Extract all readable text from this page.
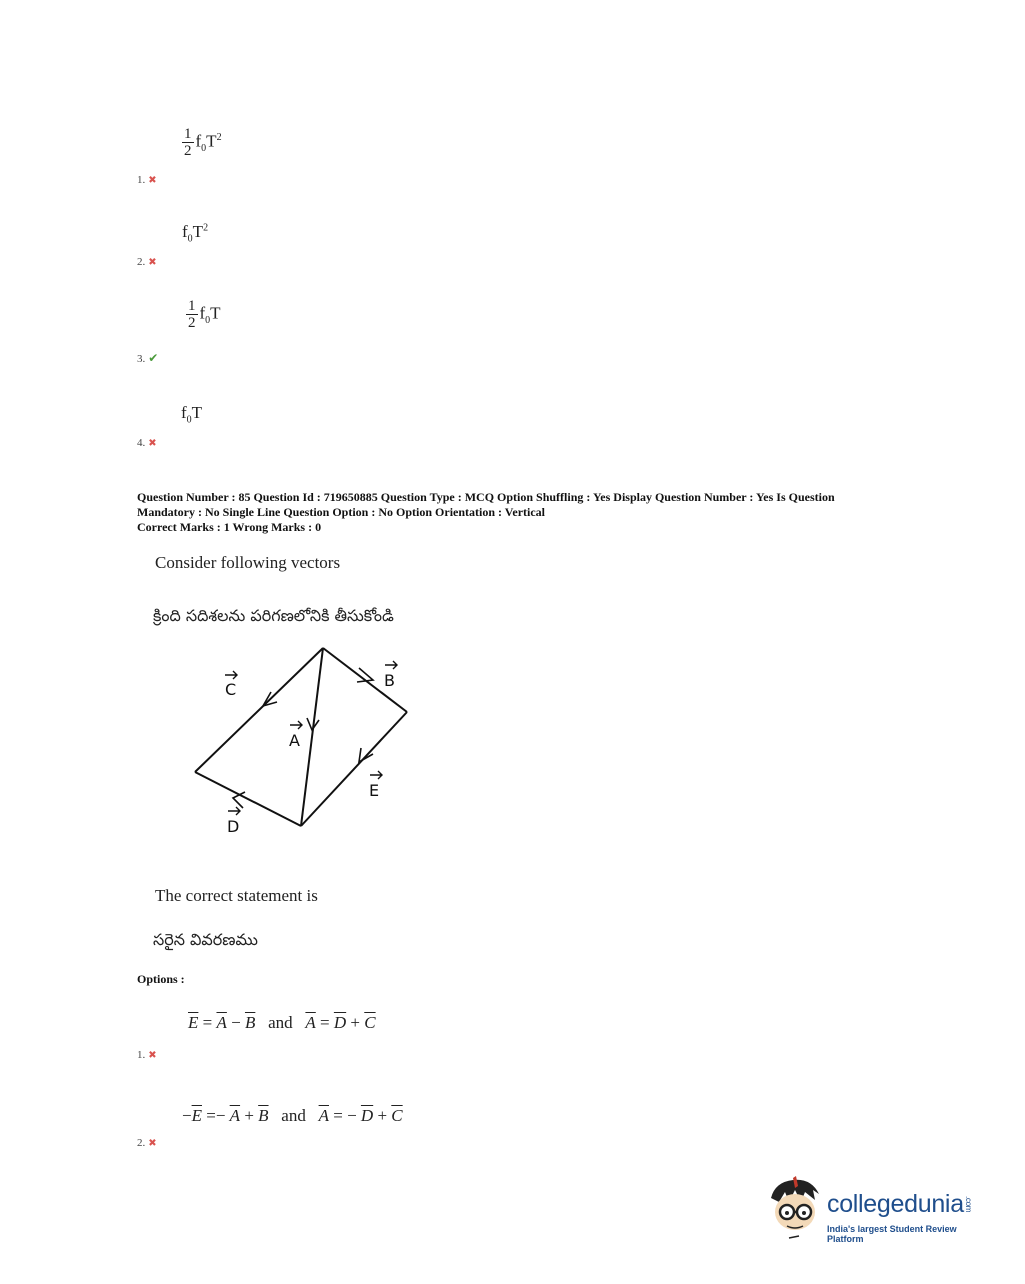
$\frac{1}{2} f_0T^2$
1. ✖
$f_0T^2$
2. ✖
$\frac{1}{2} f_0T$
3. ✔
$f_0T$
4. ✖
Question Number : 85 Question Id : 719650885 Question Type : MCQ Option Shuffling : Yes Display Question Number : Yes Is Question
Mandatory : No Single Line Question Option : No Option Orientation : Vertical
Correct Marks : 1 Wrong Marks : 0
Consider following vectors
క్రింది సదిశలను పరిగణలోనికి తీసుకోండి
C	B
A
E
D
The correct statement is
సరైన వివరణము
Options :
$\overline{E} = \overline{A} - \overline{B}$ and $\overline{A} = \overline{D} + \overline{C}$
1. ✖
$-\overline{E} =- \overline{A} + \overline{B}$ and $\overline{A}$ = − $\overline{D} + \overline{C}$
2. ✖
collegedunia.com
India's largest Student Review Platform
